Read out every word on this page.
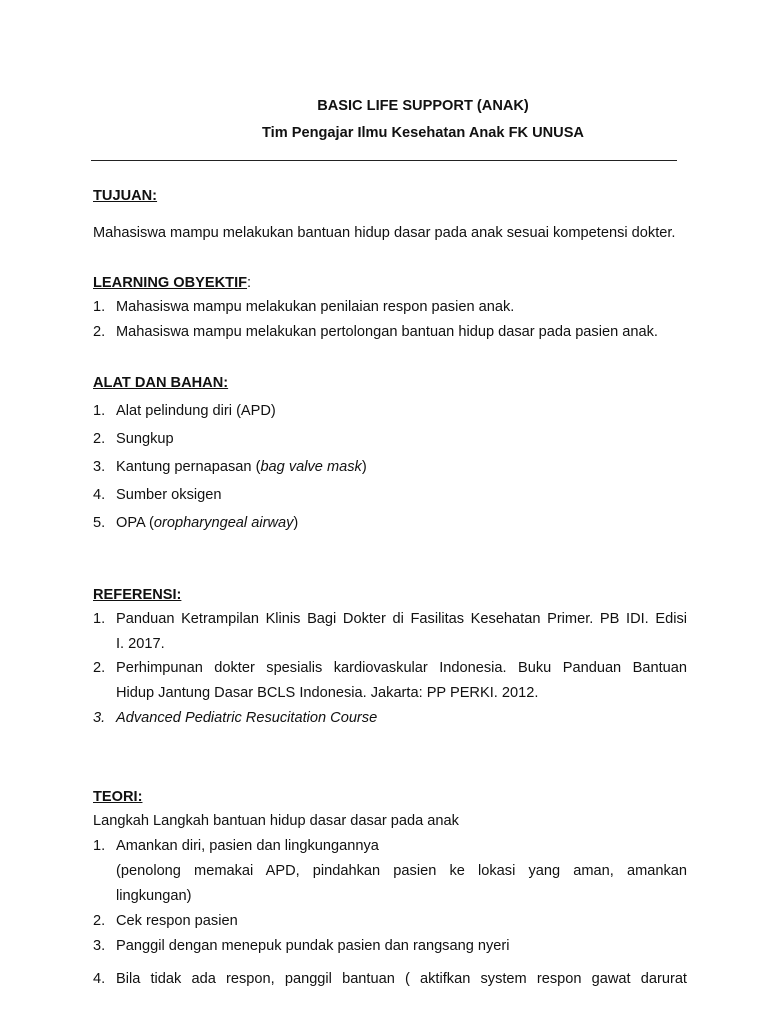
BASIC LIFE SUPPORT (ANAK)
Tim Pengajar Ilmu Kesehatan Anak FK UNUSA
TUJUAN:
Mahasiswa mampu melakukan bantuan hidup dasar pada anak sesuai kompetensi dokter.
LEARNING OBYEKTIF:
1. Mahasiswa mampu melakukan penilaian respon pasien anak.
2. Mahasiswa mampu melakukan pertolongan bantuan hidup dasar pada pasien anak.
ALAT DAN BAHAN:
1. Alat pelindung diri (APD)
2. Sungkup
3. Kantung pernapasan (bag valve mask)
4. Sumber oksigen
5. OPA (oropharyngeal airway)
REFERENSI:
1. Panduan Ketrampilan Klinis Bagi Dokter di Fasilitas Kesehatan Primer. PB IDI. Edisi
I. 2017.
2. Perhimpunan dokter spesialis kardiovaskular Indonesia. Buku Panduan Bantuan
Hidup Jantung Dasar BCLS Indonesia. Jakarta: PP PERKI. 2012.
3. Advanced Pediatric Resucitation Course
TEORI:
Langkah Langkah bantuan hidup dasar dasar pada anak
1. Amankan diri, pasien dan lingkungannya
(penolong memakai APD, pindahkan pasien ke lokasi yang aman, amankan
lingkungan)
2. Cek respon pasien
3. Panggil dengan menepuk pundak pasien dan rangsang nyeri
4. Bila tidak ada respon, panggil bantuan ( aktifkan system respon gawat darurat
